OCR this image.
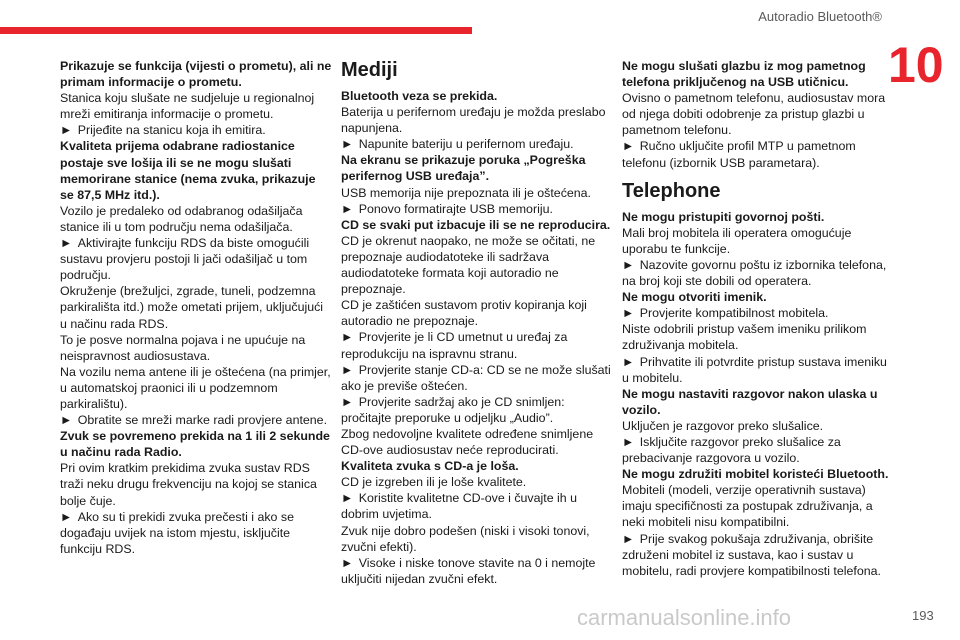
Autoradio Bluetooth®
10
Prikazuje se funkcija (vijesti o prometu), ali ne primam informacije o prometu.
Stanica koju slušate ne sudjeluje u regionalnoj mreži emitiranja informacije o prometu.
► Prijeđite na stanicu koja ih emitira.
Kvaliteta prijema odabrane radiostanice postaje sve lošija ili se ne mogu slušati memorirane stanice (nema zvuka, prikazuje se 87,5 MHz itd.).
Vozilo je predaleko od odabranog odašiljača stanice ili u tom području nema odašiljača.
► Aktivirajte funkciju RDS da biste omogućili sustavu provjeru postoji li jači odašiljač u tom području.
Okruženje (brežuljci, zgrade, tuneli, podzemna parkirališta itd.) može ometati prijem, uključujući u načinu rada RDS.
To je posve normalna pojava i ne upućuje na neispravnost audiosustava.
Na vozilu nema antene ili je oštećena (na primjer, u automatskoj praonici ili u podzemnom parkiralištu).
► Obratite se mreži marke radi provjere antene.
Zvuk se povremeno prekida na 1 ili 2 sekunde u načinu rada Radio.
Pri ovim kratkim prekidima zvuka sustav RDS traži neku drugu frekvenciju na kojoj se stanica bolje čuje.
► Ako su ti prekidi zvuka prečesti i ako se događaju uvijek na istom mjestu, isključite funkciju RDS.
Mediji
Bluetooth veza se prekida.
Baterija u perifernom uređaju je možda preslabo napunjena.
► Napunite bateriju u perifernom uređaju.
Na ekranu se prikazuje poruka „Pogreška perifernog USB uređaja”.
USB memorija nije prepoznata ili je oštećena.
► Ponovo formatirajte USB memoriju.
CD se svaki put izbacuje ili se ne reproducira.
CD je okrenut naopako, ne može se očitati, ne prepoznaje audiodatoteke ili sadržava audiodatoteke formata koji autoradio ne prepoznaje.
CD je zaštićen sustavom protiv kopiranja koji autoradio ne prepoznaje.
► Provjerite je li CD umetnut u uređaj za reprodukciju na ispravnu stranu.
► Provjerite stanje CD-a: CD se ne može slušati ako je previše oštećen.
► Provjerite sadržaj ako je CD snimljen: pročitajte preporuke u odjeljku „Audio”.
Zbog nedovoljne kvalitete određene snimljene CD-ove audiosustav neće reproducirati.
Kvaliteta zvuka s CD-a je loša.
CD je izgreben ili je loše kvalitete.
► Koristite kvalitetne CD-ove i čuvajte ih u dobrim uvjetima.
Zvuk nije dobro podešen (niski i visoki tonovi, zvučni efekti).
► Visoke i niske tonove stavite na 0 i nemojte uključiti nijedan zvučni efekt.
Ne mogu slušati glazbu iz mog pametnog telefona priključenog na USB utičnicu.
Ovisno o pametnom telefonu, audiosustav mora od njega dobiti odobrenje za pristup glazbi u pametnom telefonu.
► Ručno uključite profil MTP u pametnom telefonu (izbornik USB parametara).
Telephone
Ne mogu pristupiti govornoj pošti.
Mali broj mobitela ili operatera omogućuje uporabu te funkcije.
► Nazovite govornu poštu iz izbornika telefona, na broj koji ste dobili od operatera.
Ne mogu otvoriti imenik.
► Provjerite kompatibilnost mobitela.
Niste odobrili pristup vašem imeniku prilikom združivanja mobitela.
► Prihvatite ili potvrdite pristup sustava imeniku u mobitelu.
Ne mogu nastaviti razgovor nakon ulaska u vozilo.
Uključen je razgovor preko slušalice.
► Isključite razgovor preko slušalice za prebacivanje razgovora u vozilo.
Ne mogu združiti mobitel koristeći Bluetooth.
Mobiteli (modeli, verzije operativnih sustava) imaju specifičnosti za postupak združivanja, a neki mobiteli nisu kompatibilni.
► Prije svakog pokušaja združivanja, obrišite združeni mobitel iz sustava, kao i sustav u mobitelu, radi provjere kompatibilnosti telefona.
carmanualsonline.info	193
